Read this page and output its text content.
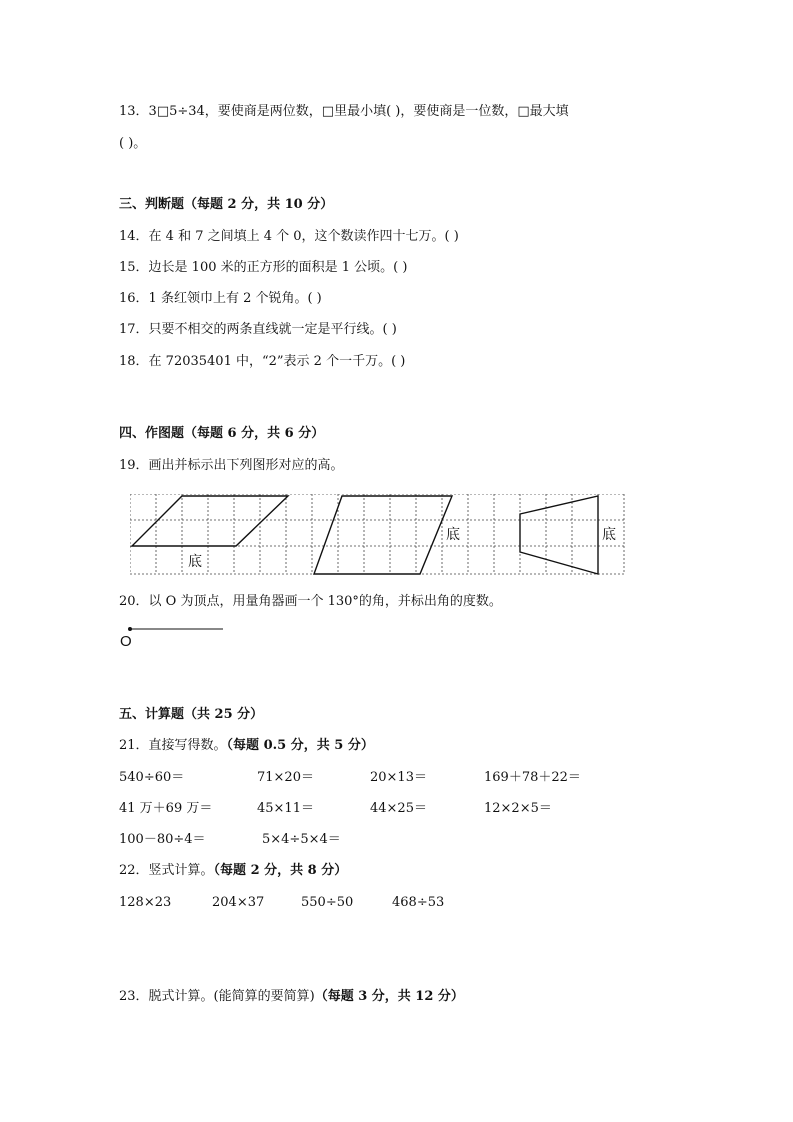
13．3□5÷34，要使商是两位数，□里最小填( )，要使商是一位数，□最大填
( )。
三、判断题（每题 2 分，共 10 分）
14．在 4 和 7 之间填上 4 个 0，这个数读作四十七万。( )
15．边长是 100 米的正方形的面积是 1 公顷。( )
16．1 条红领巾上有 2 个锐角。( )
17．只要不相交的两条直线就一定是平行线。( )
18．在 72035401 中，“2”表示 2 个一千万。( )
四、作图题（每题 6 分，共 6 分）
19．画出并标示出下列图形对应的高。
底
底	底
20．以 O 为顶点，用量角器画一个 130°的角，并标出角的度数。
O
五、计算题（共 25 分）
21．直接写得数。（每题 0.5 分，共 5 分）
540÷60＝	71×20＝	20×13＝	169＋78＋22＝
41 万＋69 万＝	45×11＝	44×25＝	12×2×5＝
100－80÷4＝	5×4÷5×4＝
22．竖式计算。（每题 2 分，共 8 分）
128×23	204×37	550÷50	468÷53
23．脱式计算。(能简算的要简算)（每题 3 分，共 12 分）
